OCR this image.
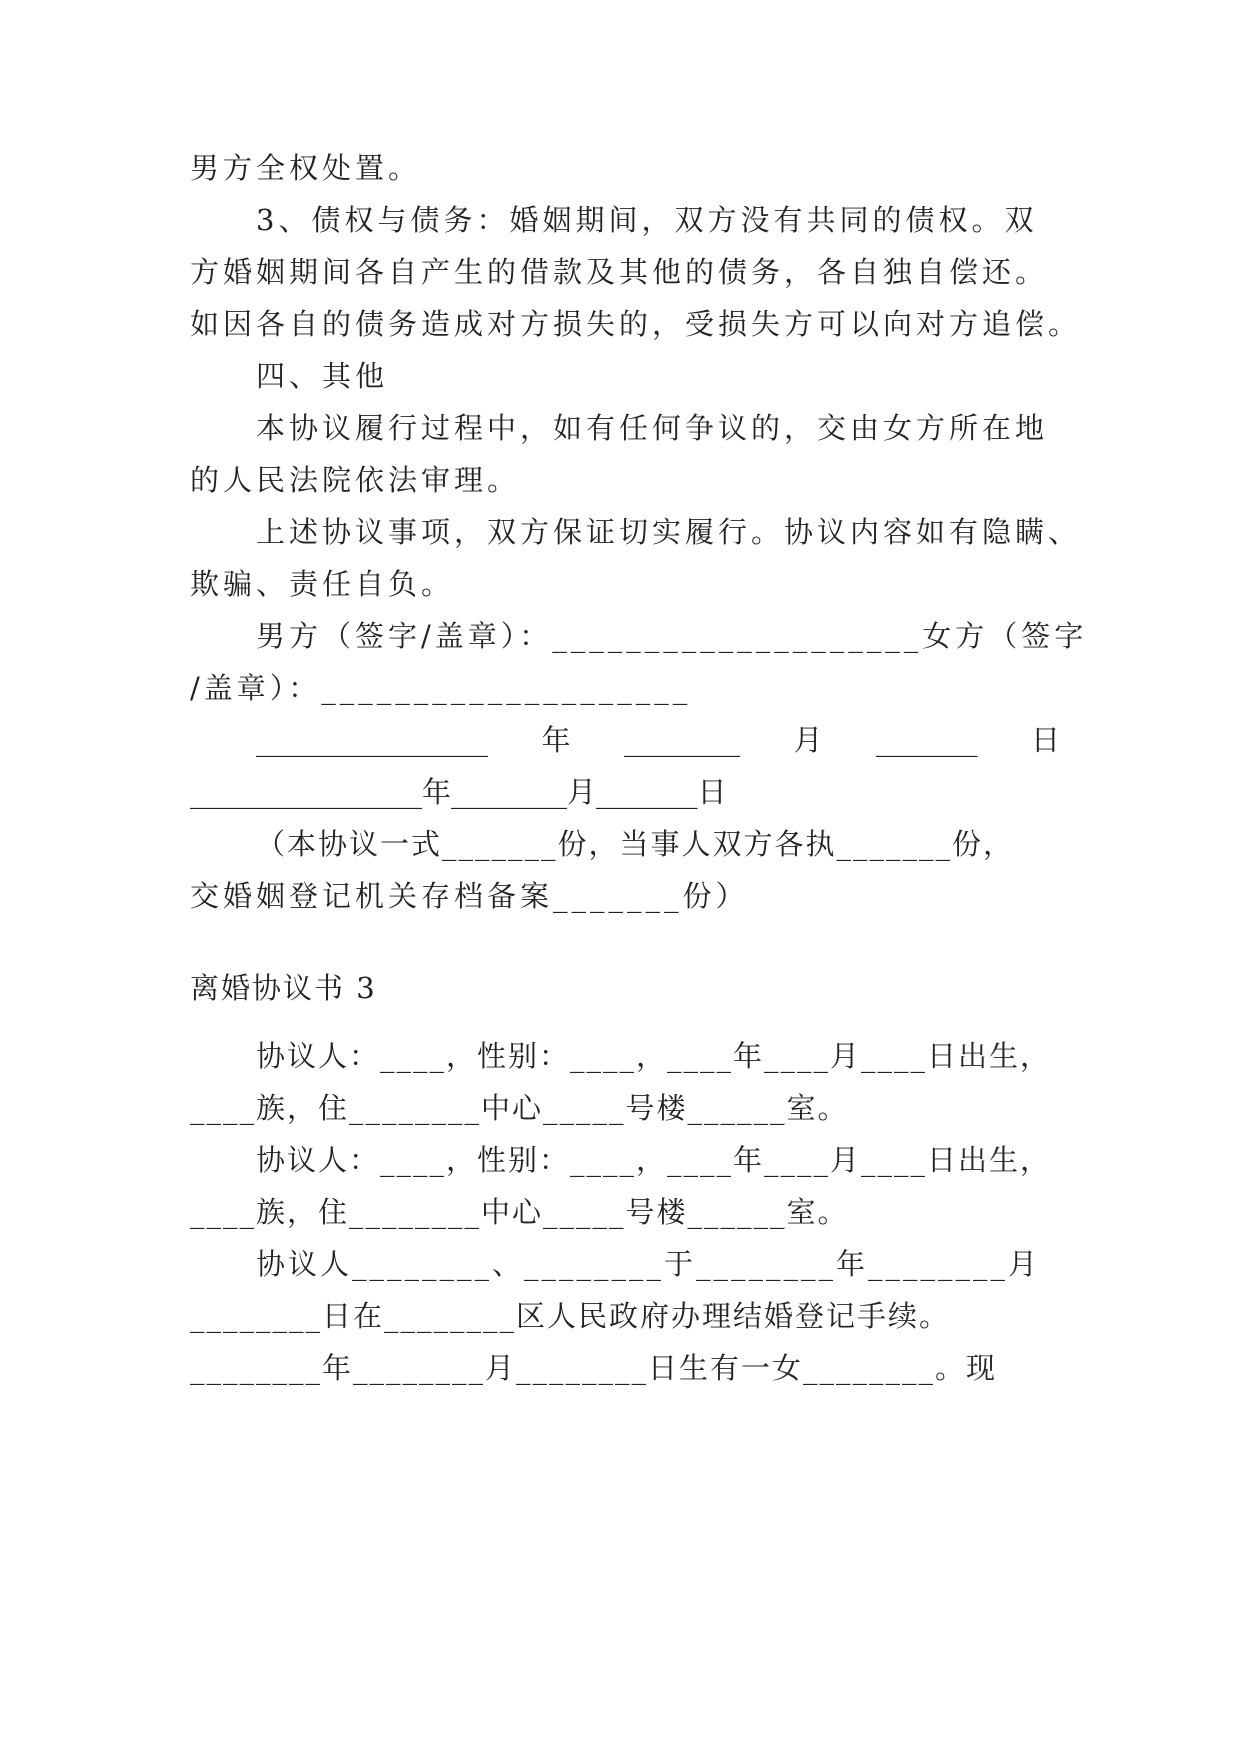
男方全权处置。
3、债权与债务：婚姻期间，双方没有共同的债权。双
方婚姻期间各自产生的借款及其他的债务，各自独自偿还。
如因各自的债务造成对方损失的，受损失方可以向对方追偿。
四、其他
本协议履行过程中，如有任何争议的，交由女方所在地
的人民法院依法审理。
上述协议事项，双方保证切实履行。协议内容如有隐瞒、
欺骗、责任自负。
男方（签字/盖章）：____________________女方（签字
/盖章）：____________________
________________ 年 ________ 月 _______ 日
________________年________月_______日
（本协议一式_______份，当事人双方各执_______份，
交婚姻登记机关存档备案_______份）
离婚协议书 3
协议人：____，性别：____，____年____月____日出生，
____族，住________中心_____号楼______室。
协议人：____，性别：____，____年____月____日出生，
____族，住________中心_____号楼______室。
协议人________、________于________年________月
________日在________区人民政府办理结婚登记手续。
________年________月________日生有一女________。现
